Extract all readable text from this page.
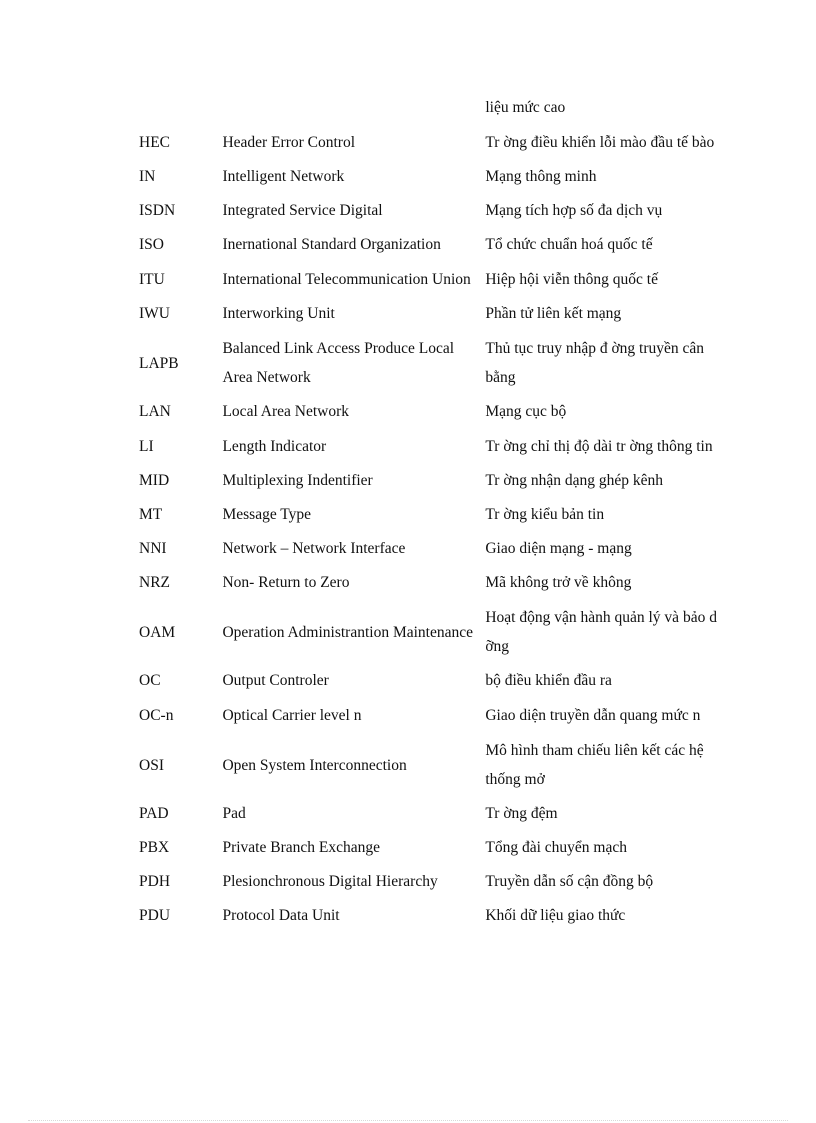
		liệu mức cao
HEC	Header Error Control	Tr ờng điều khiển lỗi mào đầu tế bào
IN	Intelligent Network	Mạng thông minh
ISDN	Integrated Service Digital	Mạng tích hợp số đa dịch vụ
ISO	Inernational Standard Organization	Tổ chức chuẩn hoá quốc tế
ITU	International Telecommunication Union	Hiệp hội viễn thông quốc tế
IWU	Interworking Unit	Phần tử liên kết mạng
LAPB	Balanced Link Access Produce Local Area Network	Thủ tục truy nhập đ ờng truyền cân bằng
LAN	Local Area Network	Mạng cục bộ
LI	Length Indicator	Tr ờng chỉ thị độ dài tr ờng thông tin
MID	Multiplexing Indentifier	Tr ờng nhận dạng ghép kênh
MT	Message Type	Tr ờng kiểu bản tin
NNI	Network – Network Interface	Giao diện mạng - mạng
NRZ	Non- Return to Zero	Mã không trở về không
OAM	Operation Administrantion Maintenance	Hoạt động vận hành quản lý và bảo d ỡng
OC	Output Controler	bộ điều khiển đầu ra
OC-n	Optical Carrier level n	Giao diện truyền dẫn quang mức n
OSI	Open System Interconnection	Mô hình tham chiếu liên kết các hệ thống mở
PAD	Pad	Tr ờng đệm
PBX	Private Branch Exchange	Tổng đài chuyển mạch
PDH	Plesionchronous Digital Hierarchy	Truyền dẫn số cận đồng bộ
PDU	Protocol Data Unit	Khối dữ liệu giao thức
